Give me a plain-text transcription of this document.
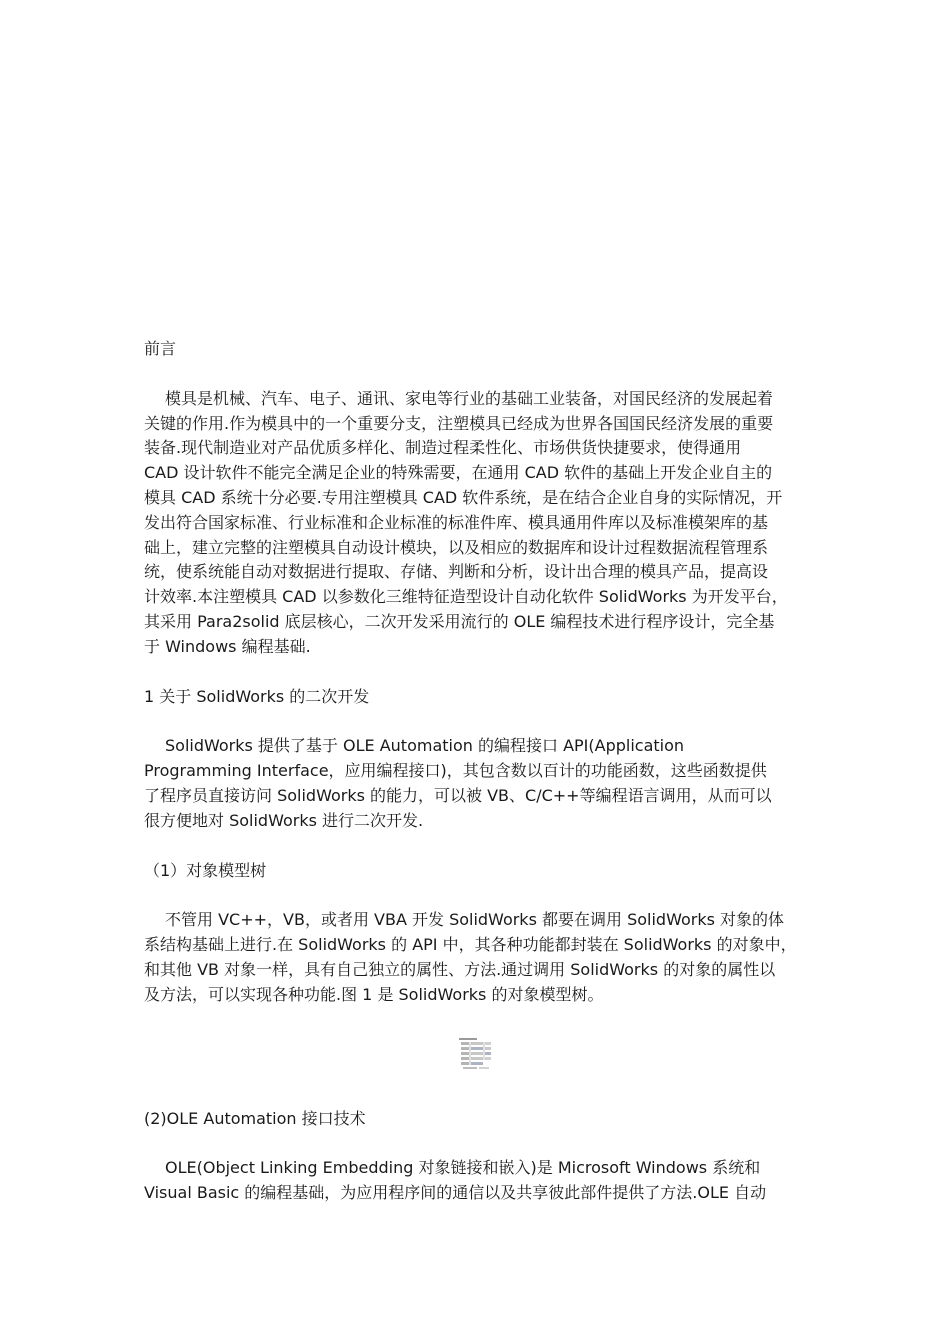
前言

模具是机械、汽车、电子、通讯、家电等行业的基础工业装备，对国民经济的发展起着
关键的作用.作为模具中的一个重要分支，注塑模具已经成为世界各国国民经济发展的重要
装备.现代制造业对产品优质多样化、制造过程柔性化、市场供货快捷要求，使得通用
CAD 设计软件不能完全满足企业的特殊需要，在通用 CAD 软件的基础上开发企业自主的
模具 CAD 系统十分必要.专用注塑模具 CAD 软件系统，是在结合企业自身的实际情况，开
发出符合国家标准、行业标准和企业标准的标准件库、模具通用件库以及标准模架库的基
础上，建立完整的注塑模具自动设计模块，以及相应的数据库和设计过程数据流程管理系
统，使系统能自动对数据进行提取、存储、判断和分析，设计出合理的模具产品，提高设
计效率.本注塑模具 CAD 以参数化三维特征造型设计自动化软件 SolidWorks 为开发平台，
其采用 Para2solid 底层核心，二次开发采用流行的 OLE 编程技术进行程序设计，完全基
于 Windows 编程基础.

1 关于 SolidWorks 的二次开发

SolidWorks 提供了基于 OLE Automation 的编程接口 API(Application
Programming Interface，应用编程接口)，其包含数以百计的功能函数，这些函数提供
了程序员直接访问 SolidWorks 的能力，可以被 VB、C/C++等编程语言调用，从而可以
很方便地对 SolidWorks 进行二次开发.

（1）对象模型树

不管用 VC++，VB，或者用 VBA 开发 SolidWorks 都要在调用 SolidWorks 对象的体
系结构基础上进行.在 SolidWorks 的 API 中，其各种功能都封装在 SolidWorks 的对象中，
和其他 VB 对象一样，具有自己独立的属性、方法.通过调用 SolidWorks 的对象的属性以
及方法，可以实现各种功能.图 1 是 SolidWorks 的对象模型树。

(2)OLE Automation 接口技术

OLE(Object Linking Embedding 对象链接和嵌入)是 Microsoft Windows 系统和
Visual Basic 的编程基础，为应用程序间的通信以及共享彼此部件提供了方法.OLE 自动
